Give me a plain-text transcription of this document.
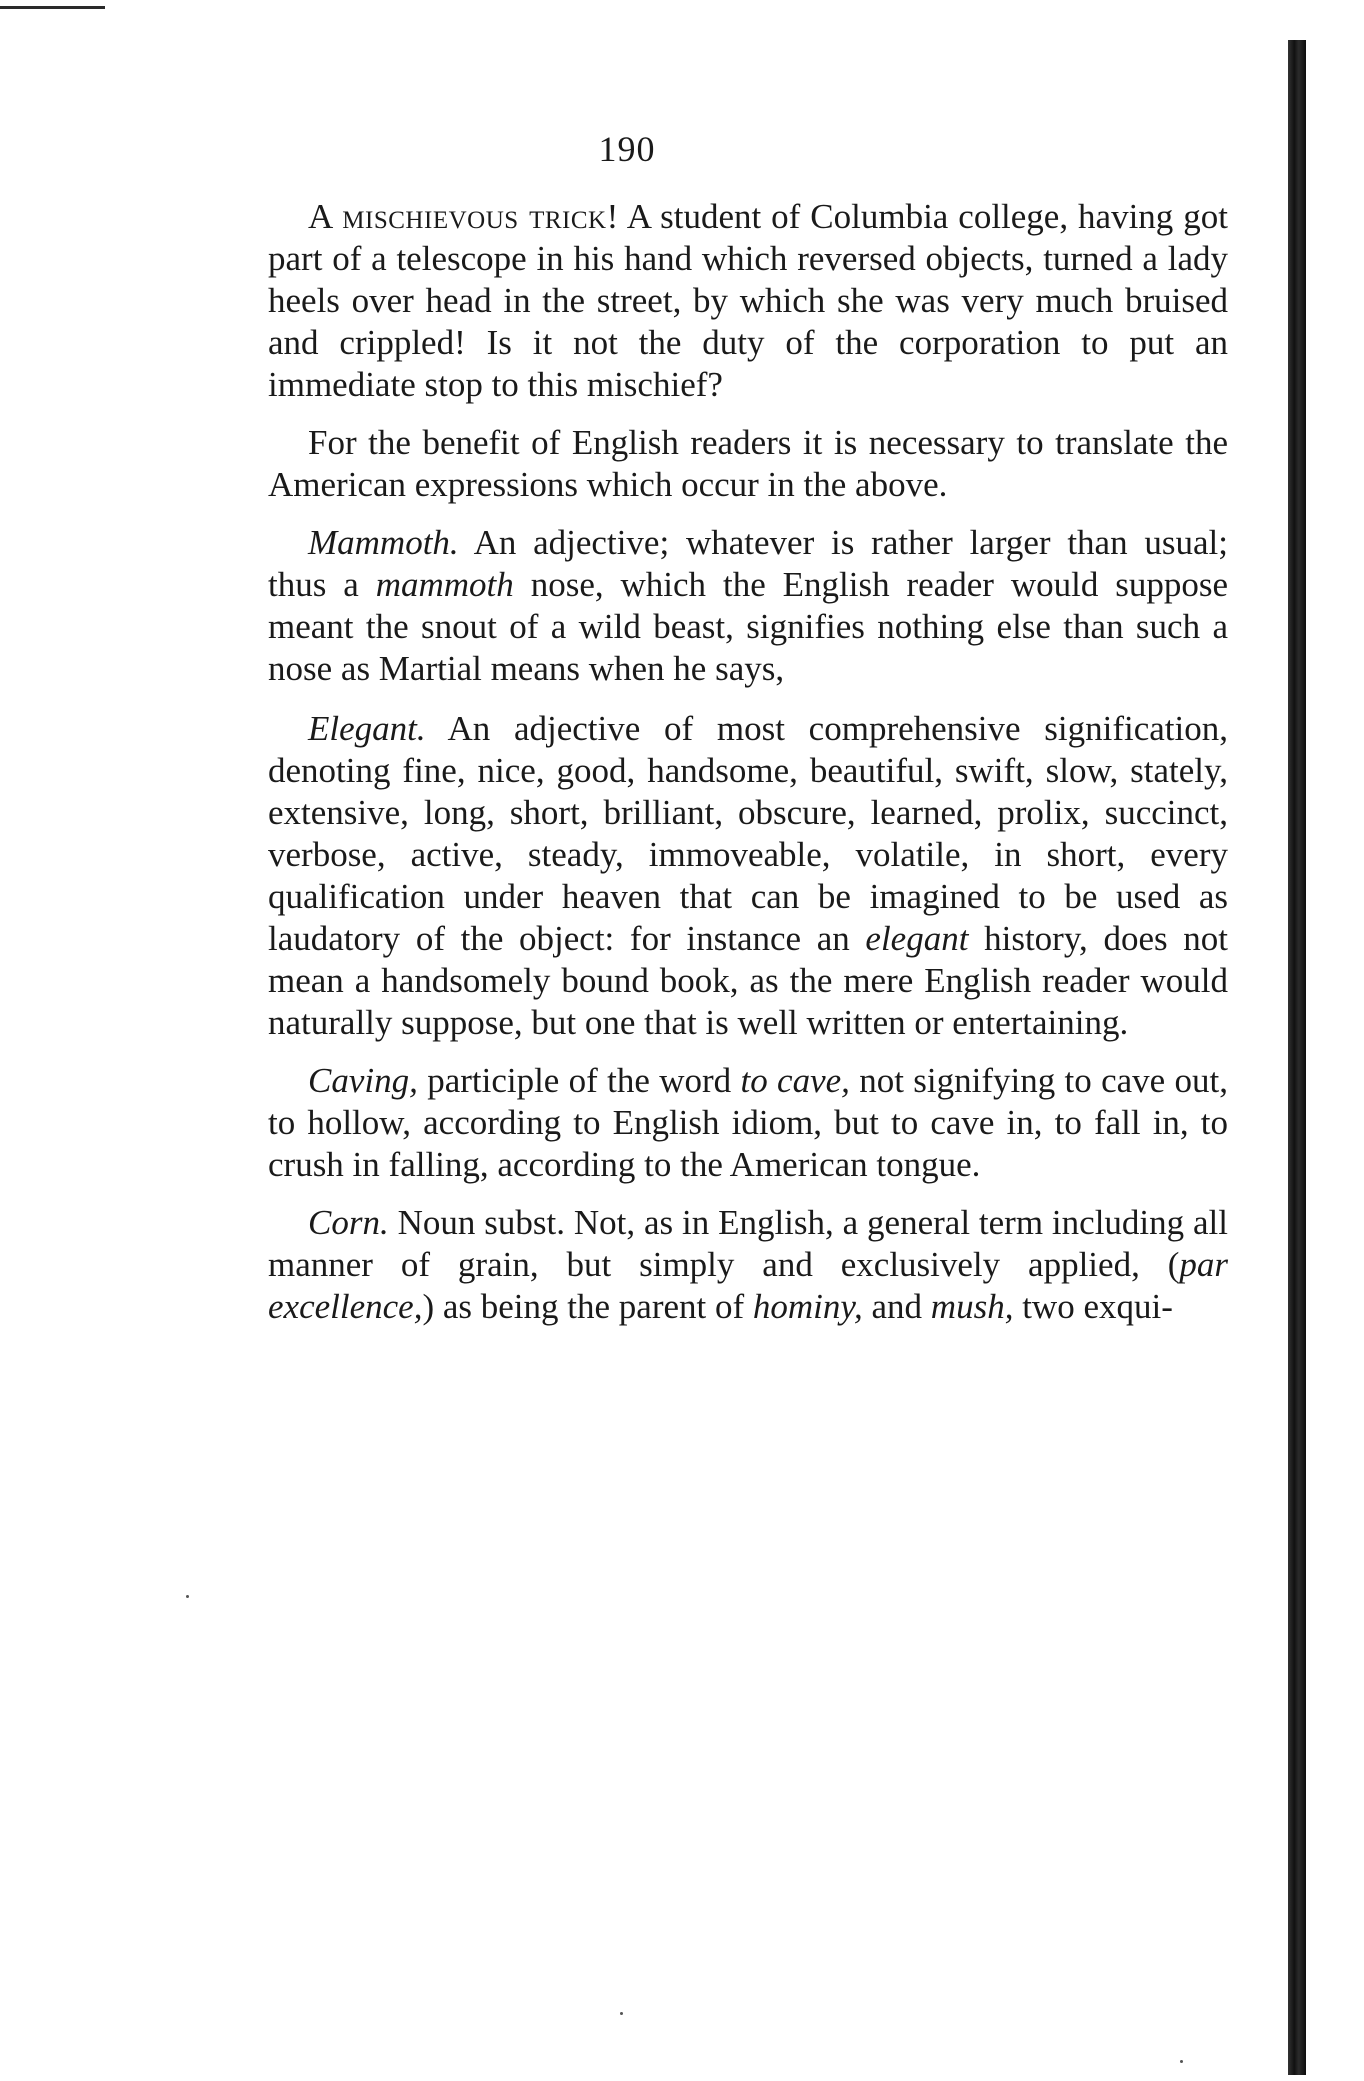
190

A mischievous trick! A student of Columbia college, having got part of a telescope in his hand which reversed objects, turned a lady heels over head in the street, by which she was very much bruised and crippled! Is it not the duty of the corporation to put an immediate stop to this mischief?

For the benefit of English readers it is necessary to translate the American expressions which occur in the above.

Mammoth. An adjective; whatever is rather larger than usual; thus a mammoth nose, which the English reader would suppose meant the snout of a wild beast, signifies nothing else than such a nose as Martial means when he says,

Elegant. An adjective of most comprehensive signification, denoting fine, nice, good, handsome, beautiful, swift, slow, stately, extensive, long, short, brilliant, obscure, learned, prolix, succinct, verbose, active, steady, immoveable, volatile, in short, every qualification under heaven that can be imagined to be used as laudatory of the object: for instance an elegant history, does not mean a handsomely bound book, as the mere English reader would naturally suppose, but one that is well written or entertaining.

Caving, participle of the word to cave, not signifying to cave out, to hollow, according to English idiom, but to cave in, to fall in, to crush in falling, according to the American tongue.

Corn. Noun subst. Not, as in English, a general term including all manner of grain, but simply and exclusively applied, (par excellence,) as being the parent of hominy, and mush, two exqui-
